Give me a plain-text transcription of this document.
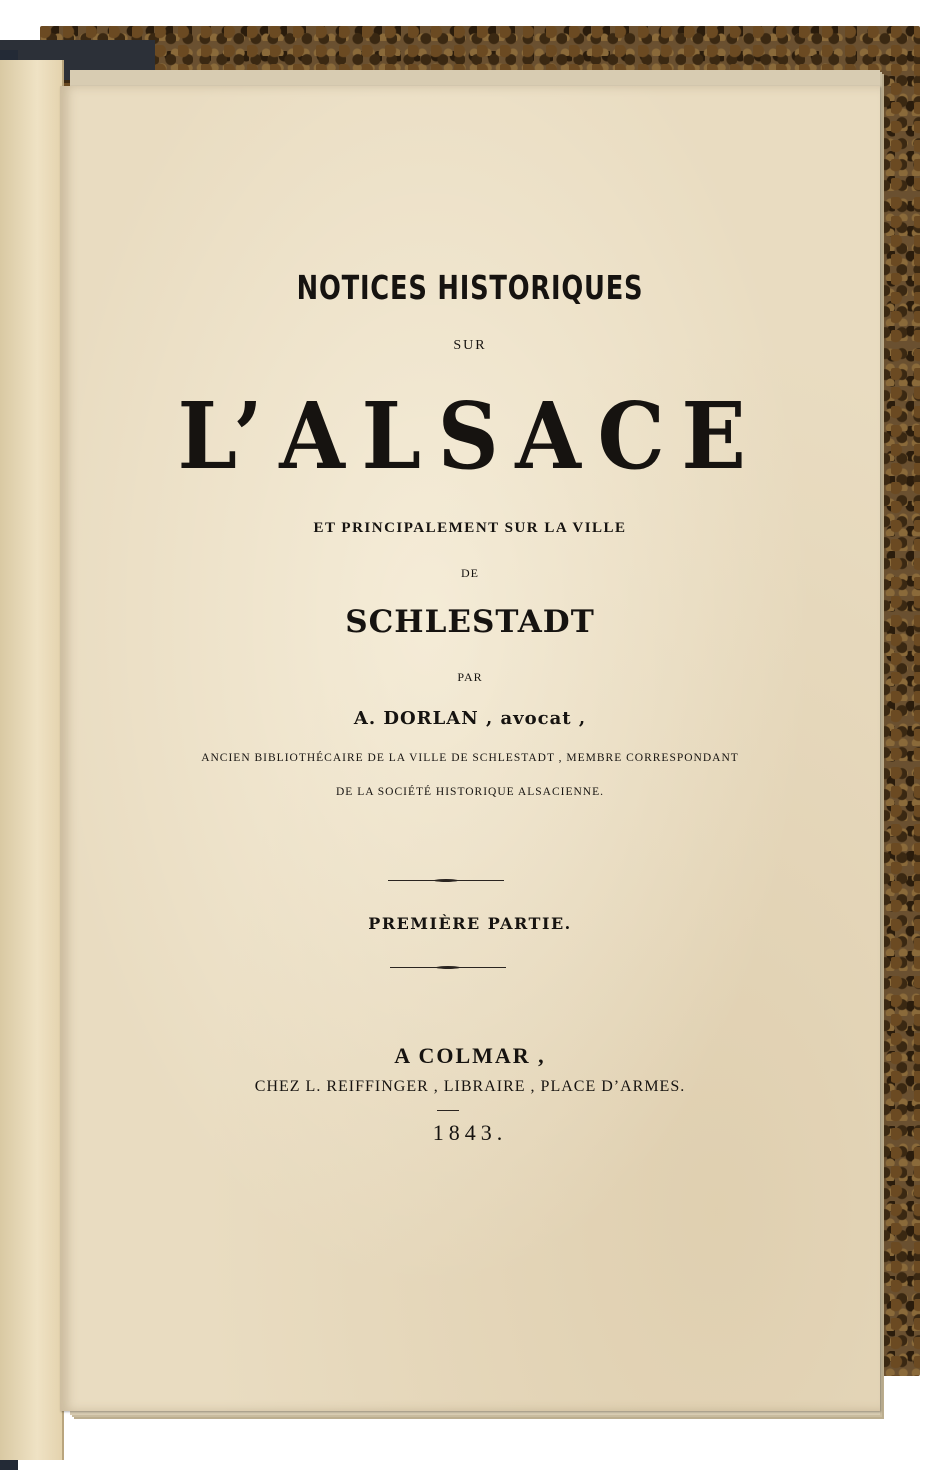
NOTICES HISTORIQUES
SUR
L’ALSACE
ET PRINCIPALEMENT SUR LA VILLE
DE
SCHLESTADT
PAR
A. DORLAN , avocat ,
ANCIEN BIBLIOTHÉCAIRE DE LA VILLE DE SCHLESTADT , MEMBRE CORRESPONDANT
DE LA SOCIÉTÉ HISTORIQUE ALSACIENNE.
PREMIÈRE PARTIE.
A COLMAR ,
CHEZ L. REIFFINGER , LIBRAIRE , PLACE D’ARMES.
1843.
